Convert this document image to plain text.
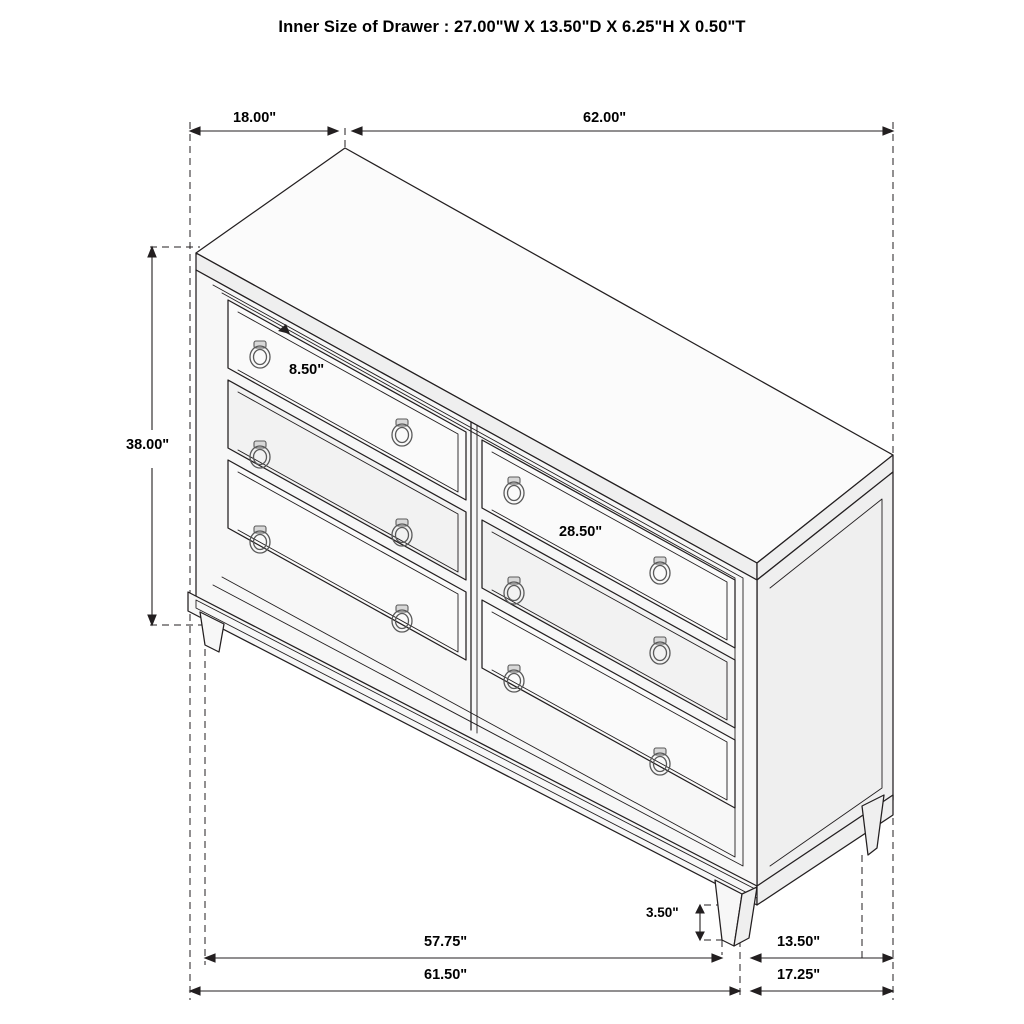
Inner Size of Drawer : 27.00"W X 13.50"D X 6.25"H X 0.50"T
18.00"	62.00"
38.00"
8.50"
28.50"
3.50"
57.75"
61.50"
13.50"
17.25"
